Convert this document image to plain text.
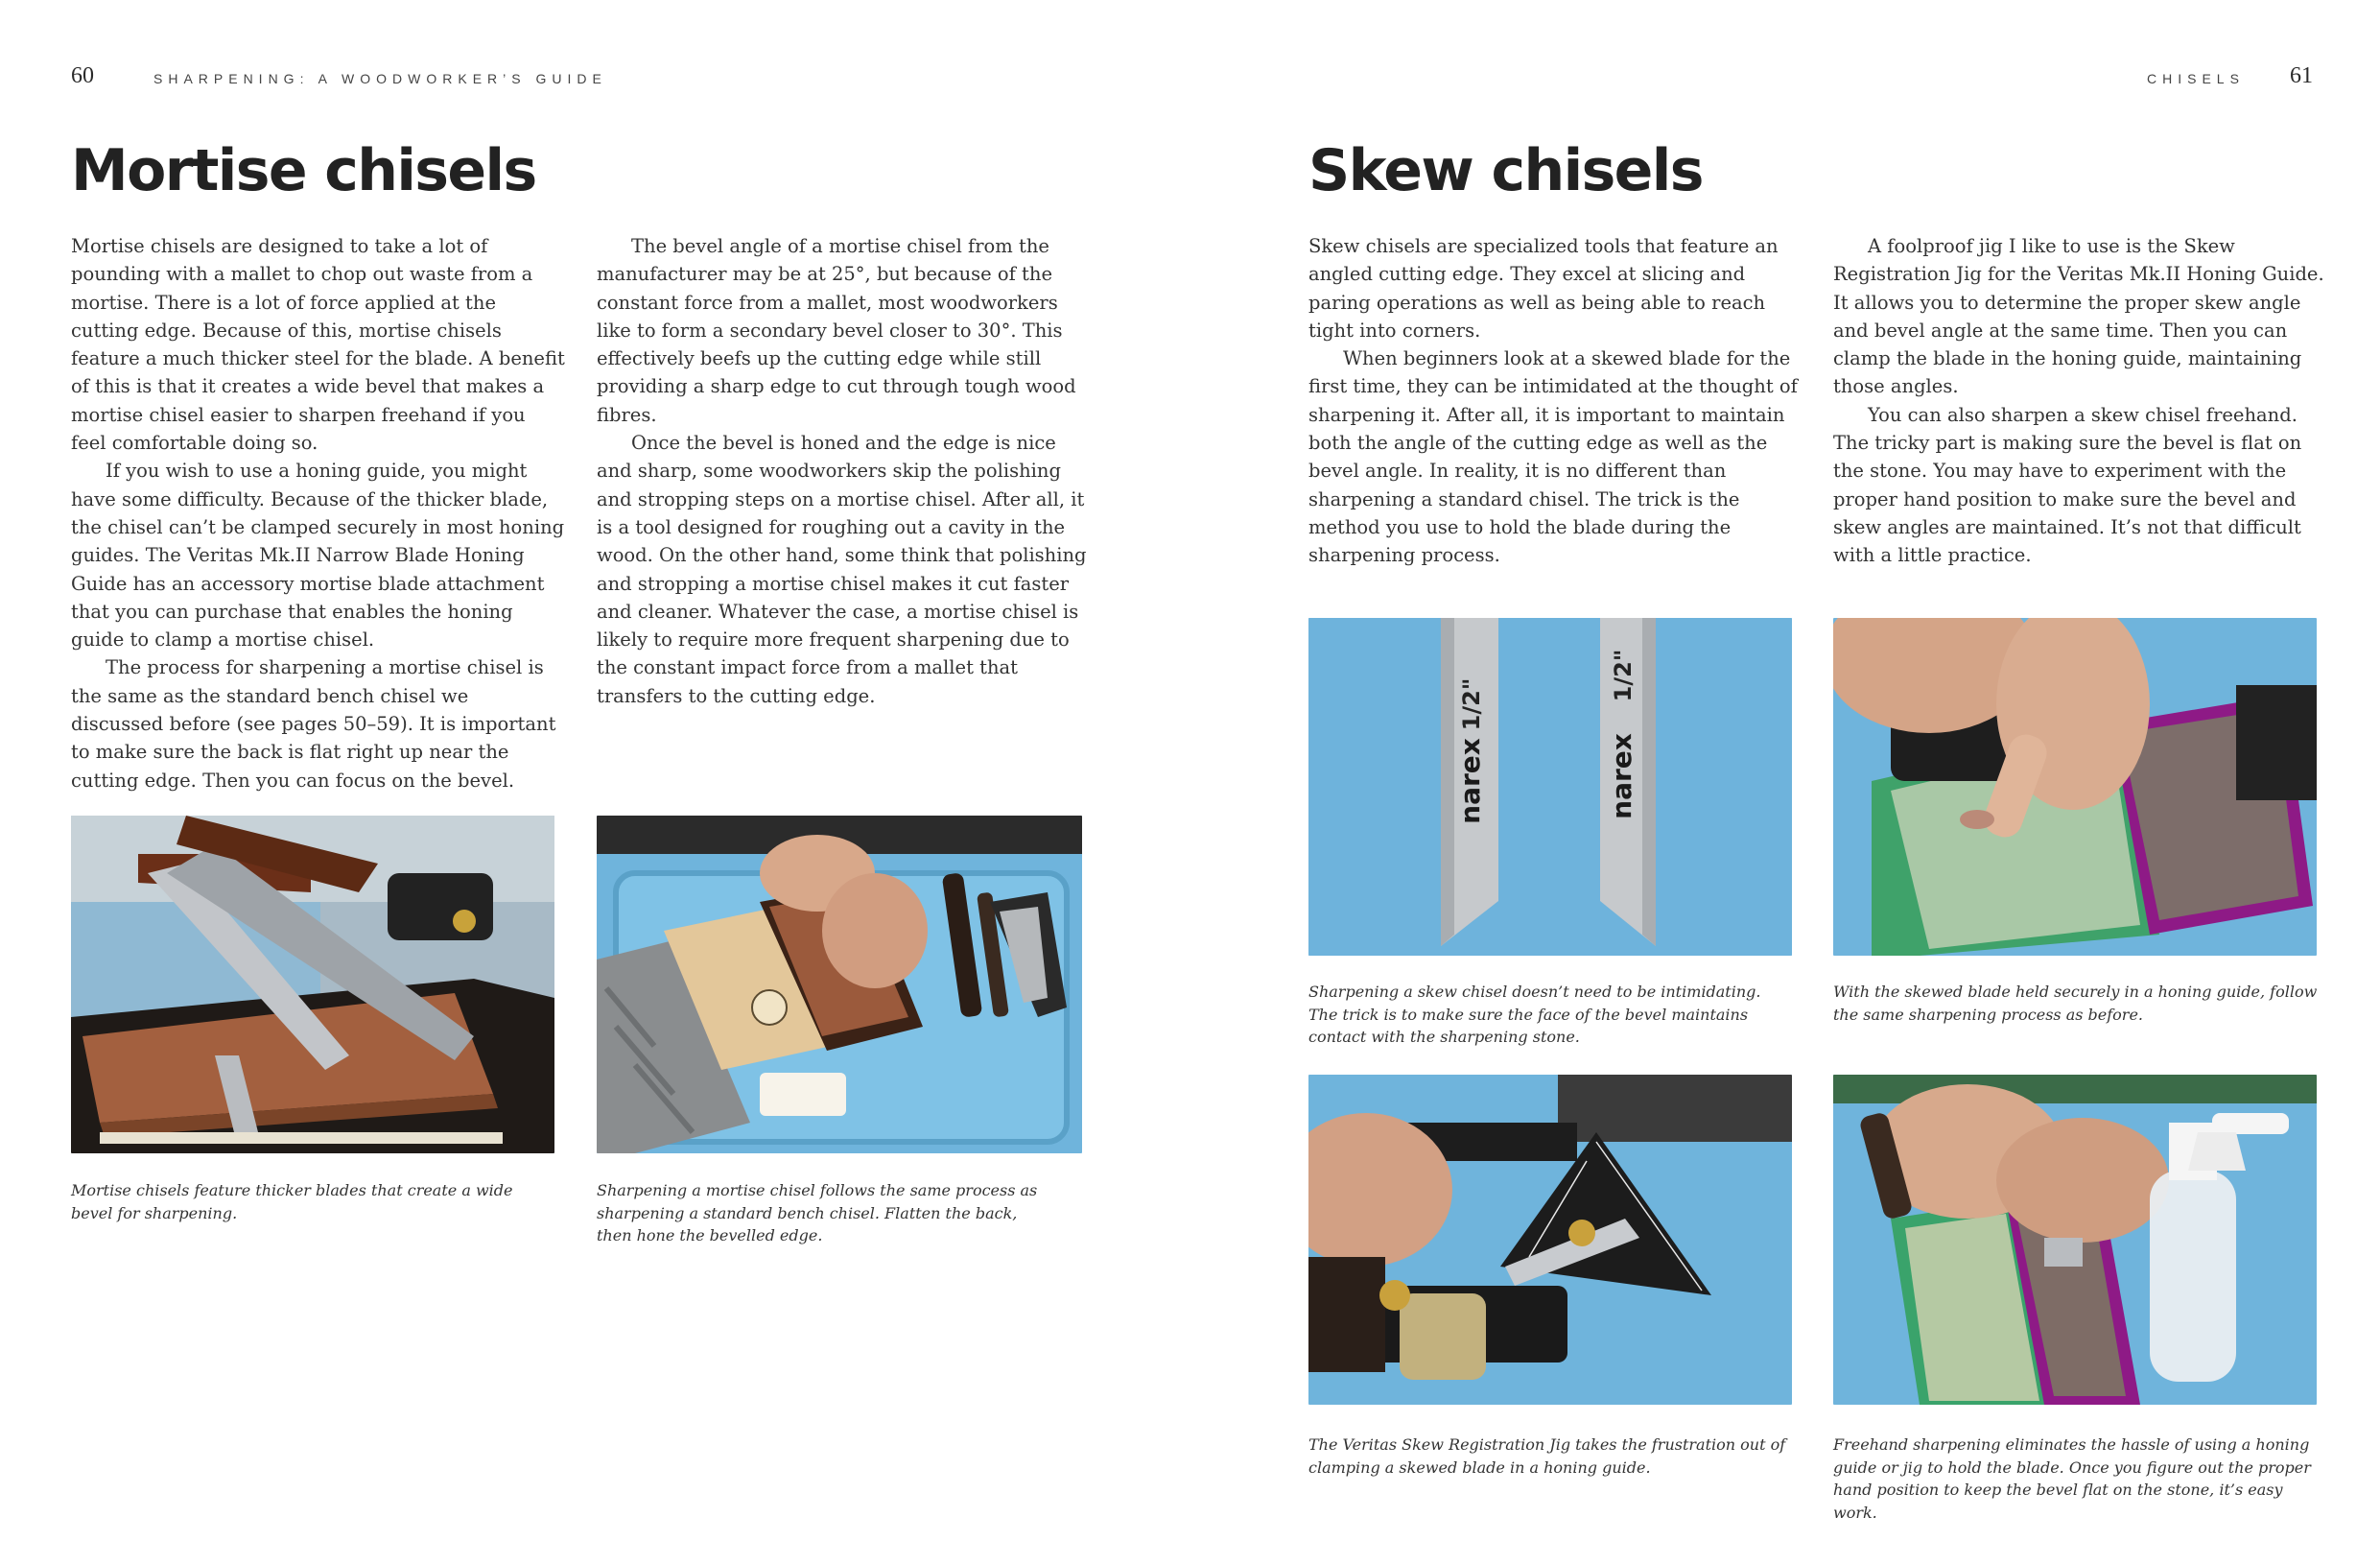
60	SHARPENING: A WOODWORKER’S GUIDE
Mortise chisels

Mortise chisels are designed to take a lot of pounding with a mallet to chop out waste from a mortise. There is a lot of force applied at the cutting edge. Because of this, mortise chisels feature a much thicker steel for the blade. A benefit of this is that it creates a wide bevel that makes a mortise chisel easier to sharpen freehand if you feel comfortable doing so.

If you wish to use a honing guide, you might have some difficulty. Because of the thicker blade, the chisel can’t be clamped securely in most honing guides. The Veritas Mk.II Narrow Blade Honing Guide has an accessory mortise blade attachment that you can purchase that enables the honing guide to clamp a mortise chisel.

The process for sharpening a mortise chisel is the same as the standard bench chisel we discussed before (see pages 50–59). It is important to make sure the back is flat right up near the cutting edge. Then you can focus on the bevel.

The bevel angle of a mortise chisel from the manufacturer may be at 25°, but because of the constant force from a mallet, most woodworkers like to form a secondary bevel closer to 30°. This effectively beefs up the cutting edge while still providing a sharp edge to cut through tough wood fibres.

Once the bevel is honed and the edge is nice and sharp, some woodworkers skip the polishing and stropping steps on a mortise chisel. After all, it is a tool designed for roughing out a cavity in the wood. On the other hand, some think that polishing and stropping a mortise chisel makes it cut faster and cleaner. Whatever the case, a mortise chisel is likely to require more frequent sharpening due to the constant impact force from a mallet that transfers to the cutting edge.

Mortise chisels feature thicker blades that create a wide bevel for sharpening.
Sharpening a mortise chisel follows the same process as sharpening a standard bench chisel. Flatten the back, then hone the bevelled edge.
CHISELS 61
Skew chisels

Skew chisels are specialized tools that feature an angled cutting edge. They excel at slicing and paring operations as well as being able to reach tight into corners.

When beginners look at a skewed blade for the first time, they can be intimidated at the thought of sharpening it. After all, it is important to maintain both the angle of the cutting edge as well as the bevel angle. In reality, it is no different than sharpening a standard chisel. The trick is the method you use to hold the blade during the sharpening process.

A foolproof jig I like to use is the Skew Registration Jig for the Veritas Mk.II Honing Guide. It allows you to determine the proper skew angle and bevel angle at the same time. Then you can clamp the blade in the honing guide, maintaining those angles.

You can also sharpen a skew chisel freehand. The tricky part is making sure the bevel is flat on the stone. You may have to experiment with the proper hand position to make sure the bevel and skew angles are maintained. It’s not that difficult with a little practice.

1/2"
narex
1/2"
narex
Sharpening a skew chisel doesn’t need to be intimidating. The trick is to make sure the face of the bevel maintains contact with the sharpening stone.
With the skewed blade held securely in a honing guide, follow the same sharpening process as before.
The Veritas Skew Registration Jig takes the frustration out of clamping a skewed blade in a honing guide.
Freehand sharpening eliminates the hassle of using a honing guide or jig to hold the blade. Once you figure out the proper hand position to keep the bevel flat on the stone, it’s easy work.
